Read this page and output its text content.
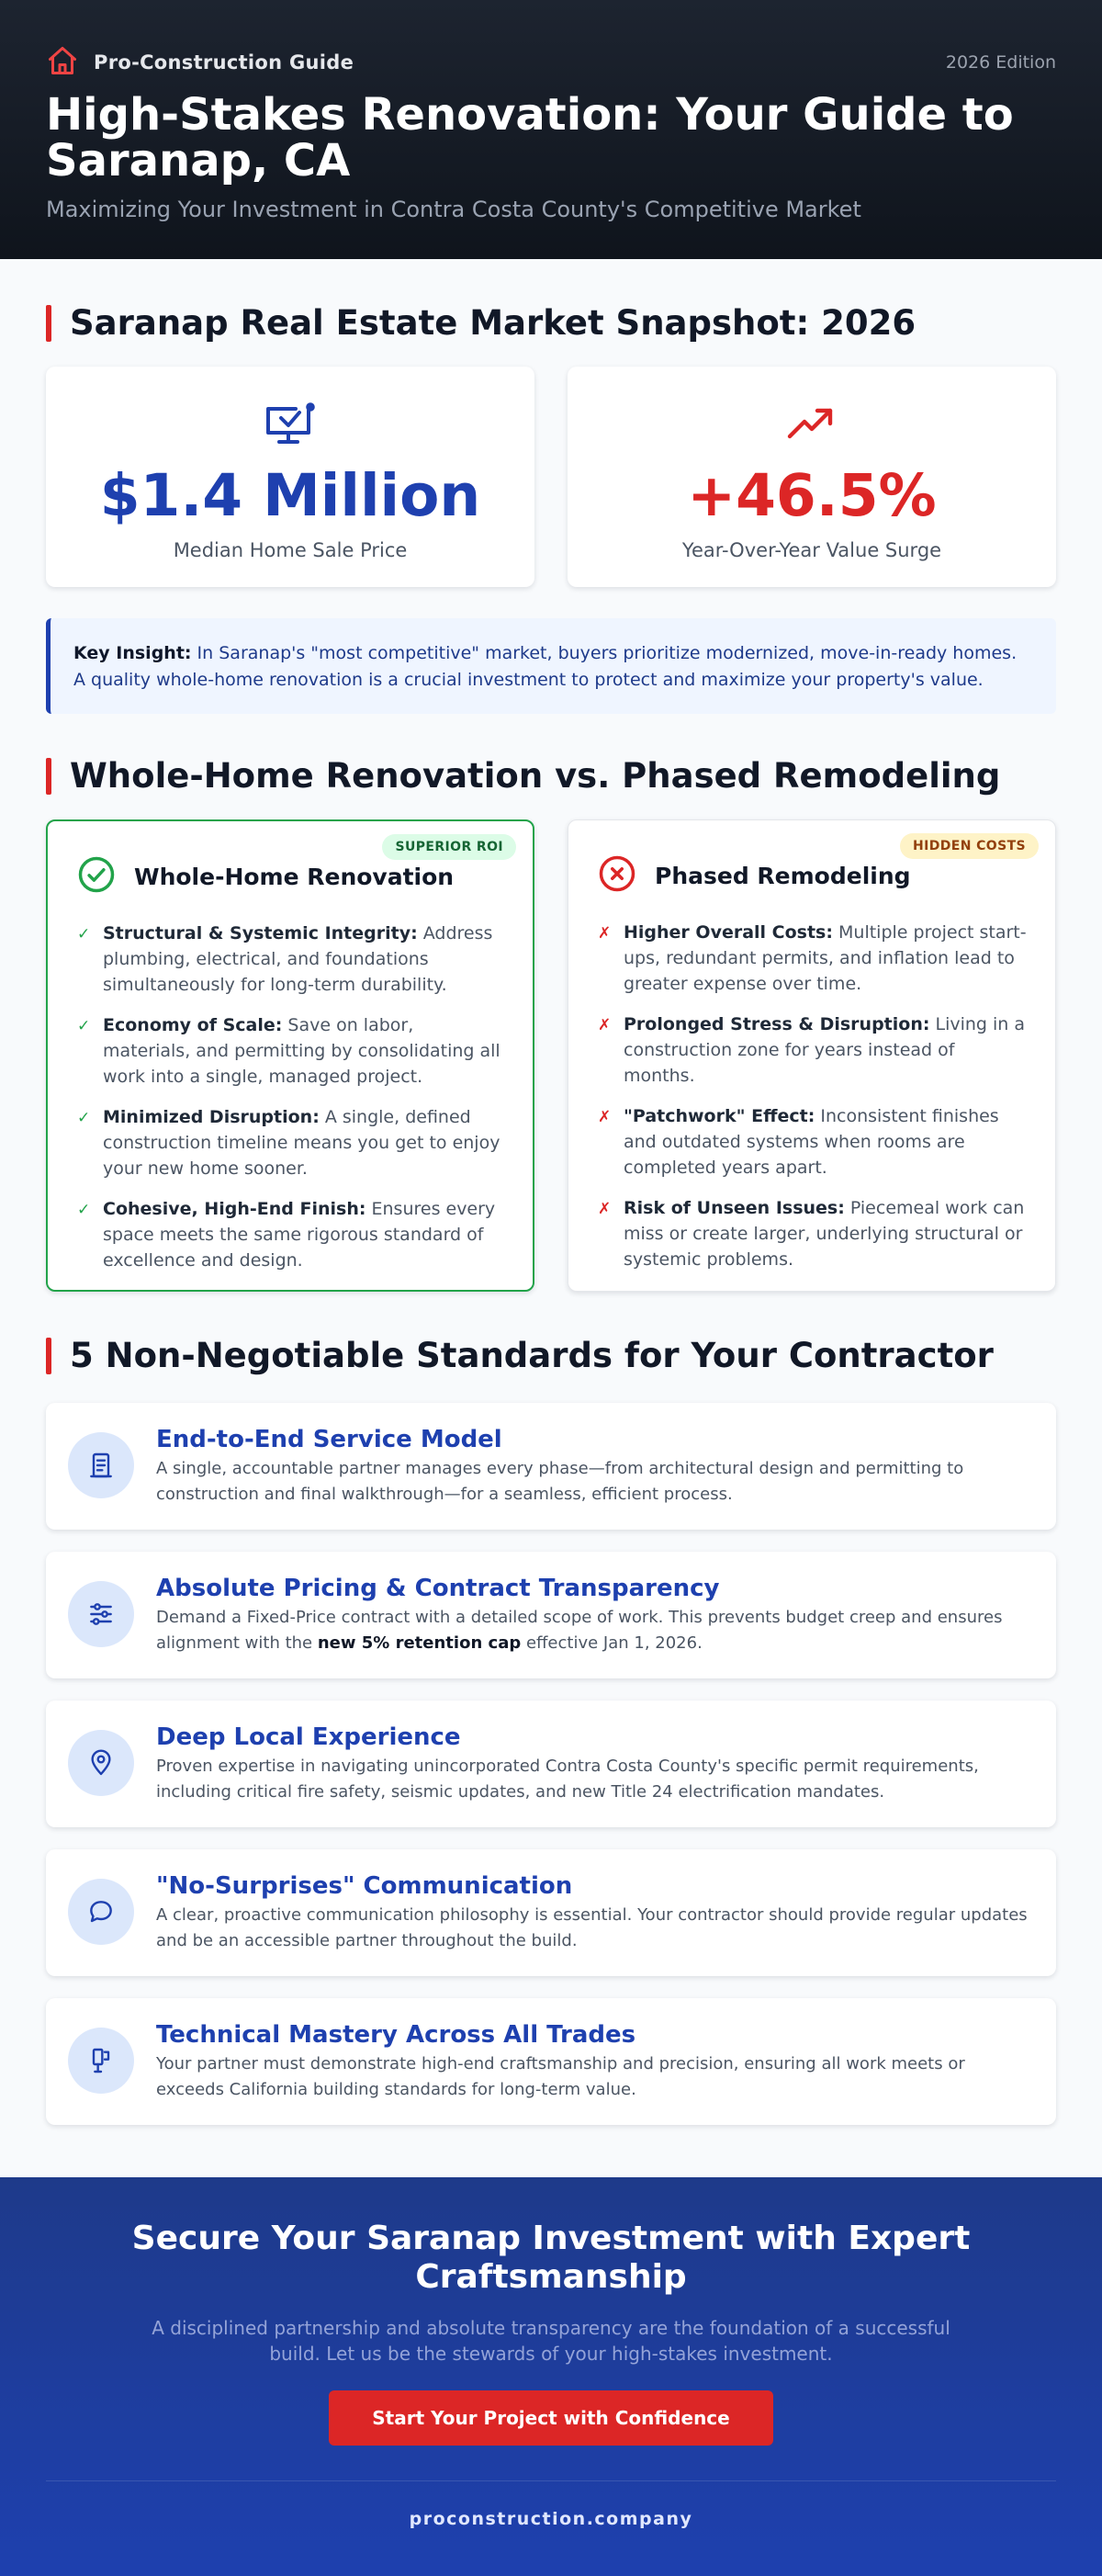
Pro-Construction Guide	2026 Edition
High-Stakes Renovation: Your Guide to Saranap, CA
Maximizing Your Investment in Contra Costa County's Competitive Market
Saranap Real Estate Market Snapshot: 2026
$1.4 Million
Median Home Sale Price
+46.5%
Year-Over-Year Value Surge
Key Insight: In Saranap's "most competitive" market, buyers prioritize modernized, move-in-ready homes. A quality whole-home renovation is a crucial investment to protect and maximize your property's value.
Whole-Home Renovation vs. Phased Remodeling
SUPERIOR ROI
Whole-Home Renovation
✓ Structural & Systemic Integrity: Address plumbing, electrical, and foundations simultaneously for long-term durability.
✓ Economy of Scale: Save on labor, materials, and permitting by consolidating all work into a single, managed project.
✓ Minimized Disruption: A single, defined construction timeline means you get to enjoy your new home sooner.
✓ Cohesive, High-End Finish: Ensures every space meets the same rigorous standard of excellence and design.
HIDDEN COSTS
Phased Remodeling
✗ Higher Overall Costs: Multiple project start-ups, redundant permits, and inflation lead to greater expense over time.
✗ Prolonged Stress & Disruption: Living in a construction zone for years instead of months.
✗ "Patchwork" Effect: Inconsistent finishes and outdated systems when rooms are completed years apart.
✗ Risk of Unseen Issues: Piecemeal work can miss or create larger, underlying structural or systemic problems.
5 Non-Negotiable Standards for Your Contractor
End-to-End Service Model
A single, accountable partner manages every phase—from architectural design and permitting to construction and final walkthrough—for a seamless, efficient process.
Absolute Pricing & Contract Transparency
Demand a Fixed-Price contract with a detailed scope of work. This prevents budget creep and ensures alignment with the new 5% retention cap effective Jan 1, 2026.
Deep Local Experience
Proven expertise in navigating unincorporated Contra Costa County's specific permit requirements, including critical fire safety, seismic updates, and new Title 24 electrification mandates.
"No-Surprises" Communication
A clear, proactive communication philosophy is essential. Your contractor should provide regular updates and be an accessible partner throughout the build.
Technical Mastery Across All Trades
Your partner must demonstrate high-end craftsmanship and precision, ensuring all work meets or exceeds California building standards for long-term value.
Secure Your Saranap Investment with Expert Craftsmanship

A disciplined partnership and absolute transparency are the foundation of a successful build. Let us be the stewards of your high-stakes investment.

Start Your Project with Confidence
proconstruction.company
